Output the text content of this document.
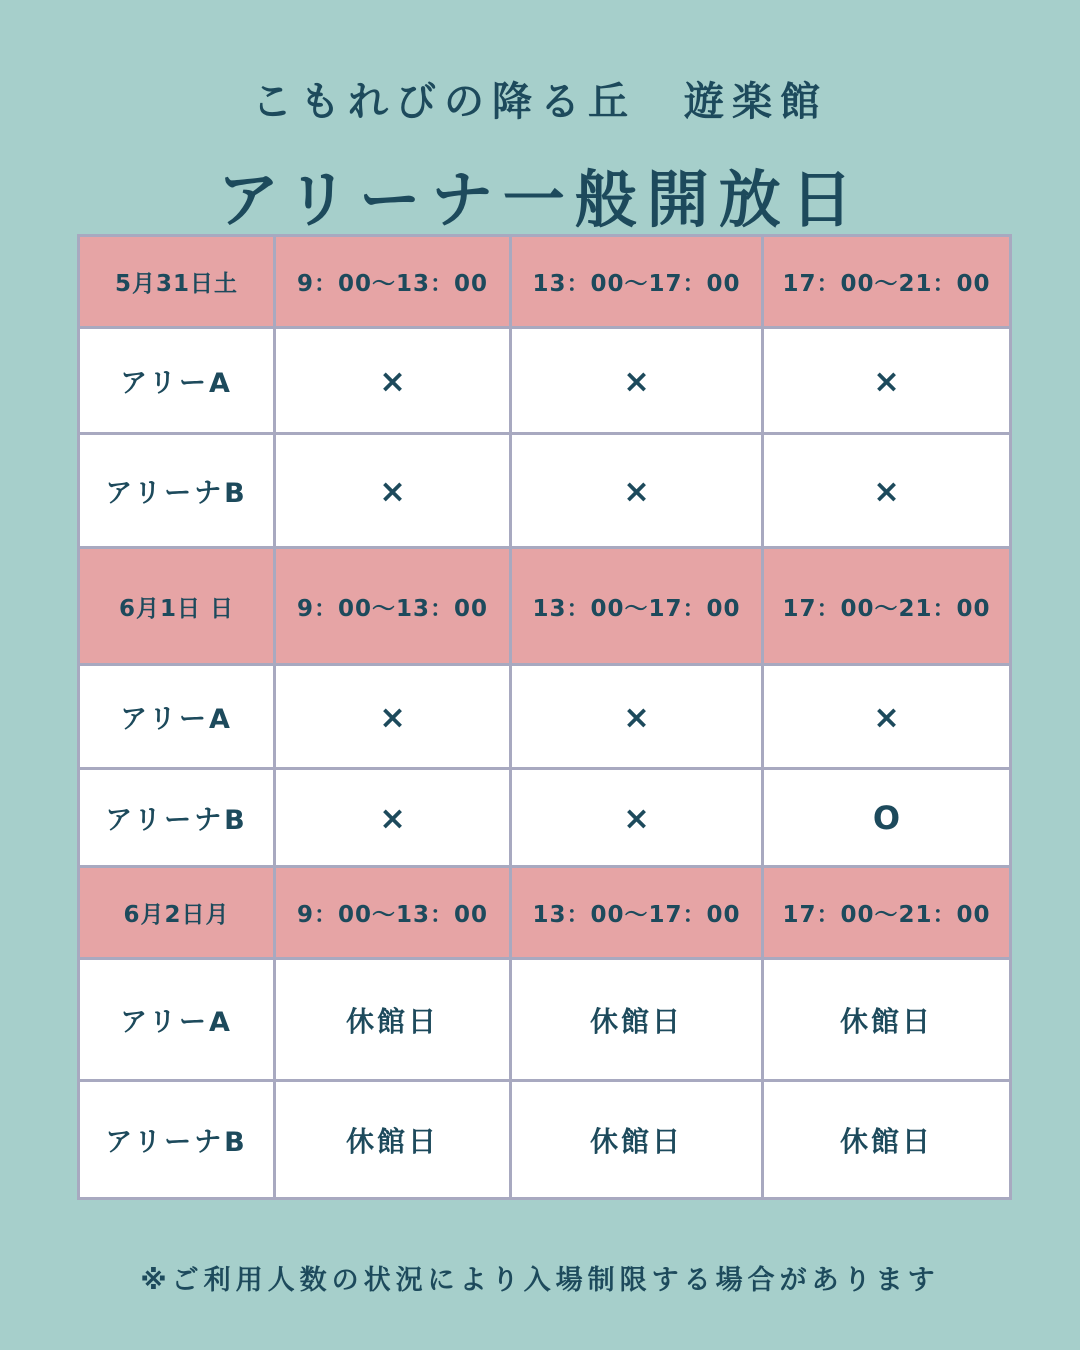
こもれびの降る丘　遊楽館
アリーナ一般開放日
5月31日土	9：00～13：00	13：00～17：00	17：00～21：00
アリーA	×	×	×
アリーナB	×	×	×
6月1日 日	9：00～13：00	13：00～17：00	17：00～21：00
アリーA	×	×	×
アリーナB	×	×	O
6月2日月	9：00～13：00	13：00～17：00	17：00～21：00
アリーA	休館日	休館日	休館日
アリーナB	休館日	休館日	休館日
※ご利用人数の状況により入場制限する場合があります
